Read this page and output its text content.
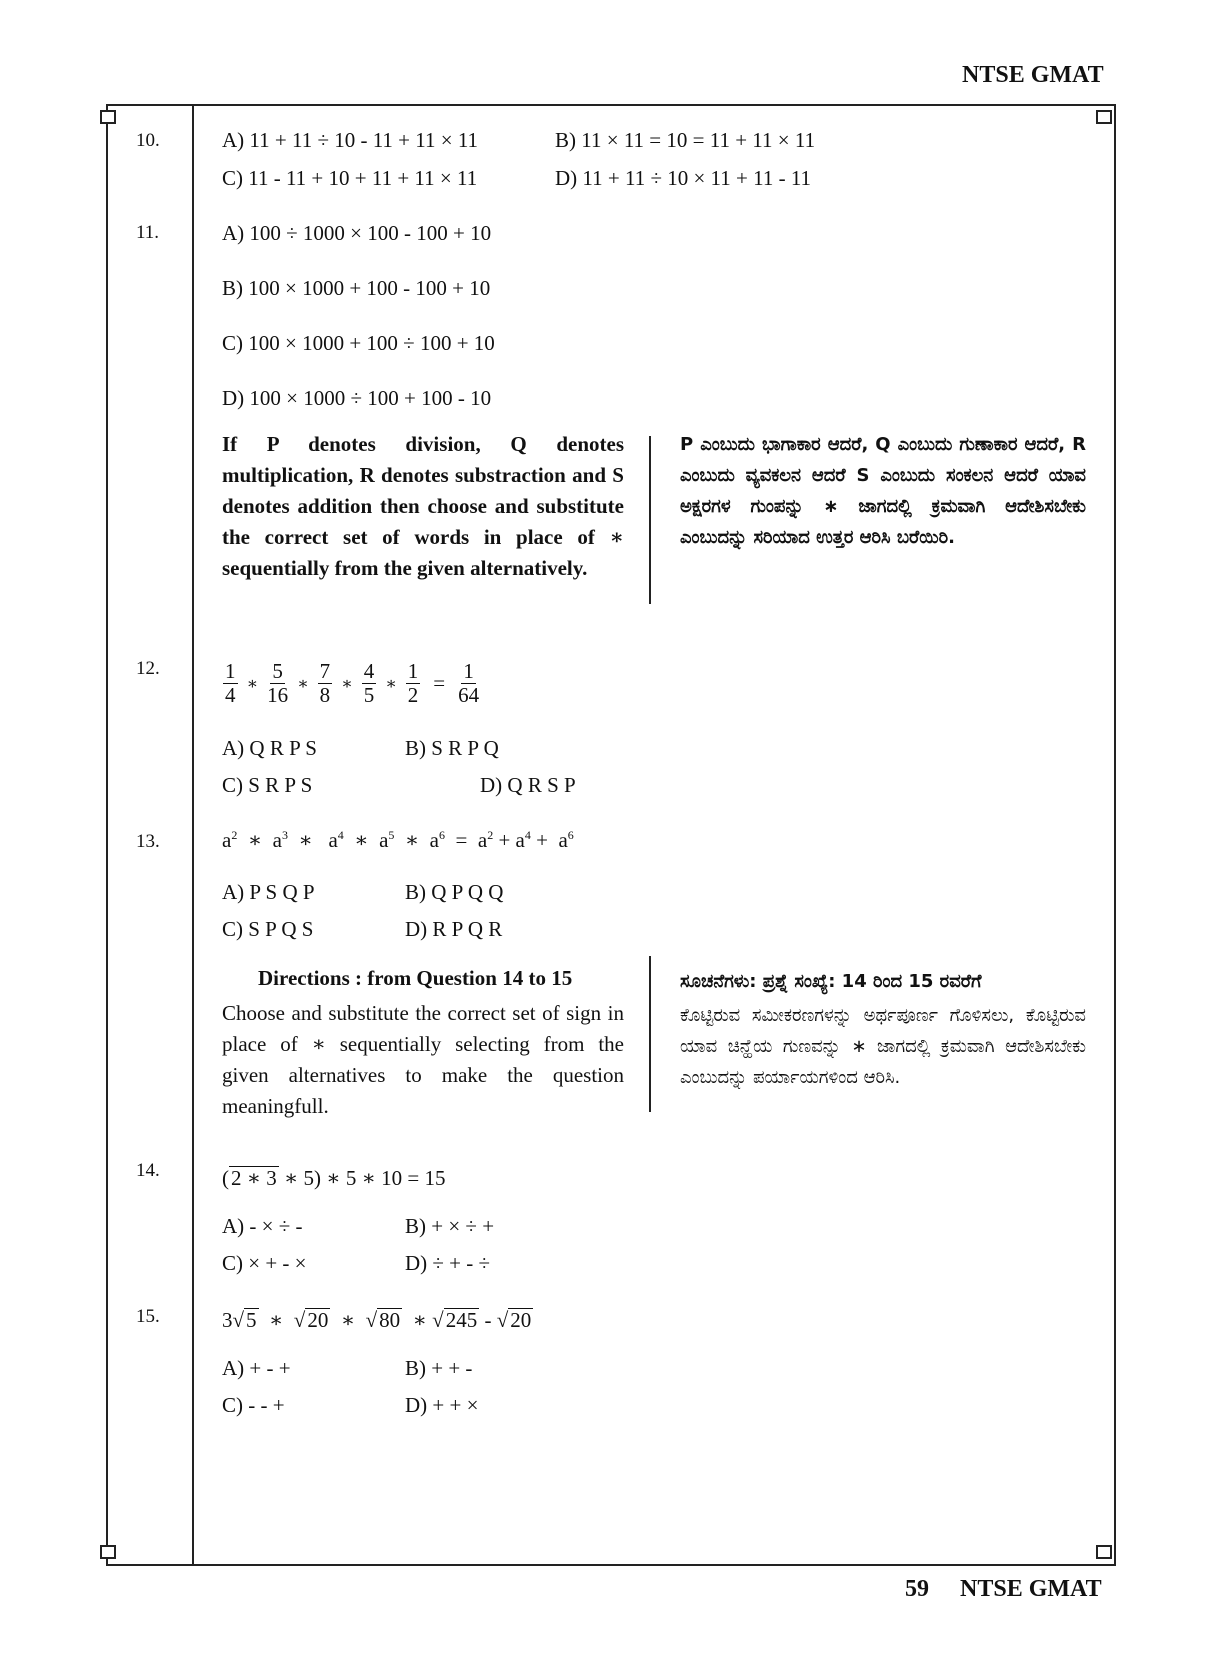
NTSE GMAT
59 NTSE GMAT
10.	A) 11 + 11 ÷ 10 - 11 + 11 × 11	B) 11 × 11 = 10 = 11 + 11 × 11
C) 11 - 11 + 10 + 11 + 11 × 11	D) 11 + 11 ÷ 10 × 11 + 11 - 11
11.	A) 100 ÷ 1000 × 100 - 100 + 10
B) 100 × 1000 + 100 - 100 + 10
C) 100 × 1000 + 100 ÷ 100 + 10
D) 100 × 1000 ÷ 100 + 100 - 10
If P denotes division, Q denotes multiplication, R denotes substraction and S denotes addition then choose and substitute the correct set of words in place of ∗ sequentially from the given alternatively.
P ಎಂಬುದು ಭಾಗಾಕಾರ ಆದರೆ, Q ಎಂಬುದು ಗುಣಾಕಾರ ಆದರೆ, R ಎಂಬುದು ವ್ಯವಕಲನ ಆದರೆ S ಎಂಬುದು ಸಂಕಲನ ಆದರೆ ಯಾವ ಅಕ್ಷರಗಳ ಗುಂಪನ್ನು ∗ ಜಾಗದಲ್ಲಿ ಕ್ರಮವಾಗಿ ಆದೇಶಿಸಬೇಕು ಎಂಬುದನ್ನು ಸರಿಯಾದ ಉತ್ತರ ಆರಿಸಿ ಬರೆಯಿರಿ.
12.	$\frac{1}{4}$ ∗ $\frac{5}{16}$ ∗ $\frac{7}{8}$ ∗ $\frac{4}{5}$ ∗ $\frac{1}{2} = \frac{1}{64}$
A) Q R P S	B) S R P Q
C) S R P S	D) Q R S P
13.	$a^2$  ∗  $a^3$  ∗   $a^4$  ∗  $a^5$  ∗  $a^6 = a^2 + a^4 + a^6$
A) P S Q P	B) Q P Q Q
C) S P Q S	D) R P Q R
Directions : from Question 14 to 15
Choose and substitute the correct set of sign in place of ∗ sequentially selecting from the given alternatives to make the question meaningfull.
ಸೂಚನೆಗಳು: ಪ್ರಶ್ನೆ ಸಂಖ್ಯೆ: 14 ರಿಂದ 15 ರವರೆಗೆ
ಕೊಟ್ಟಿರುವ ಸಮೀಕರಣಗಳನ್ನು ಅರ್ಥಪೂರ್ಣ ಗೊಳಿಸಲು, ಕೊಟ್ಟಿರುವ ಯಾವ ಚಿನ್ಹೆಯ ಗುಣವನ್ನು ∗ ಜಾಗದಲ್ಲಿ ಕ್ರಮವಾಗಿ ಆದೇಶಿಸಬೇಕು ಎಂಬುದನ್ನು ಪರ್ಯಾಯಗಳಿಂದ ಆರಿಸಿ.
14.	(2 ∗ 3 ∗ 5) ∗ 5 ∗ 10 = 15
A) - × ÷ -	B) + × ÷ +
C) × + - ×	D) ÷ + - ÷
15.	3√5  ∗  √20  ∗  √80  ∗ √245 - √20
A) + - +	B) + + -
C) - - +	D) + + ×
